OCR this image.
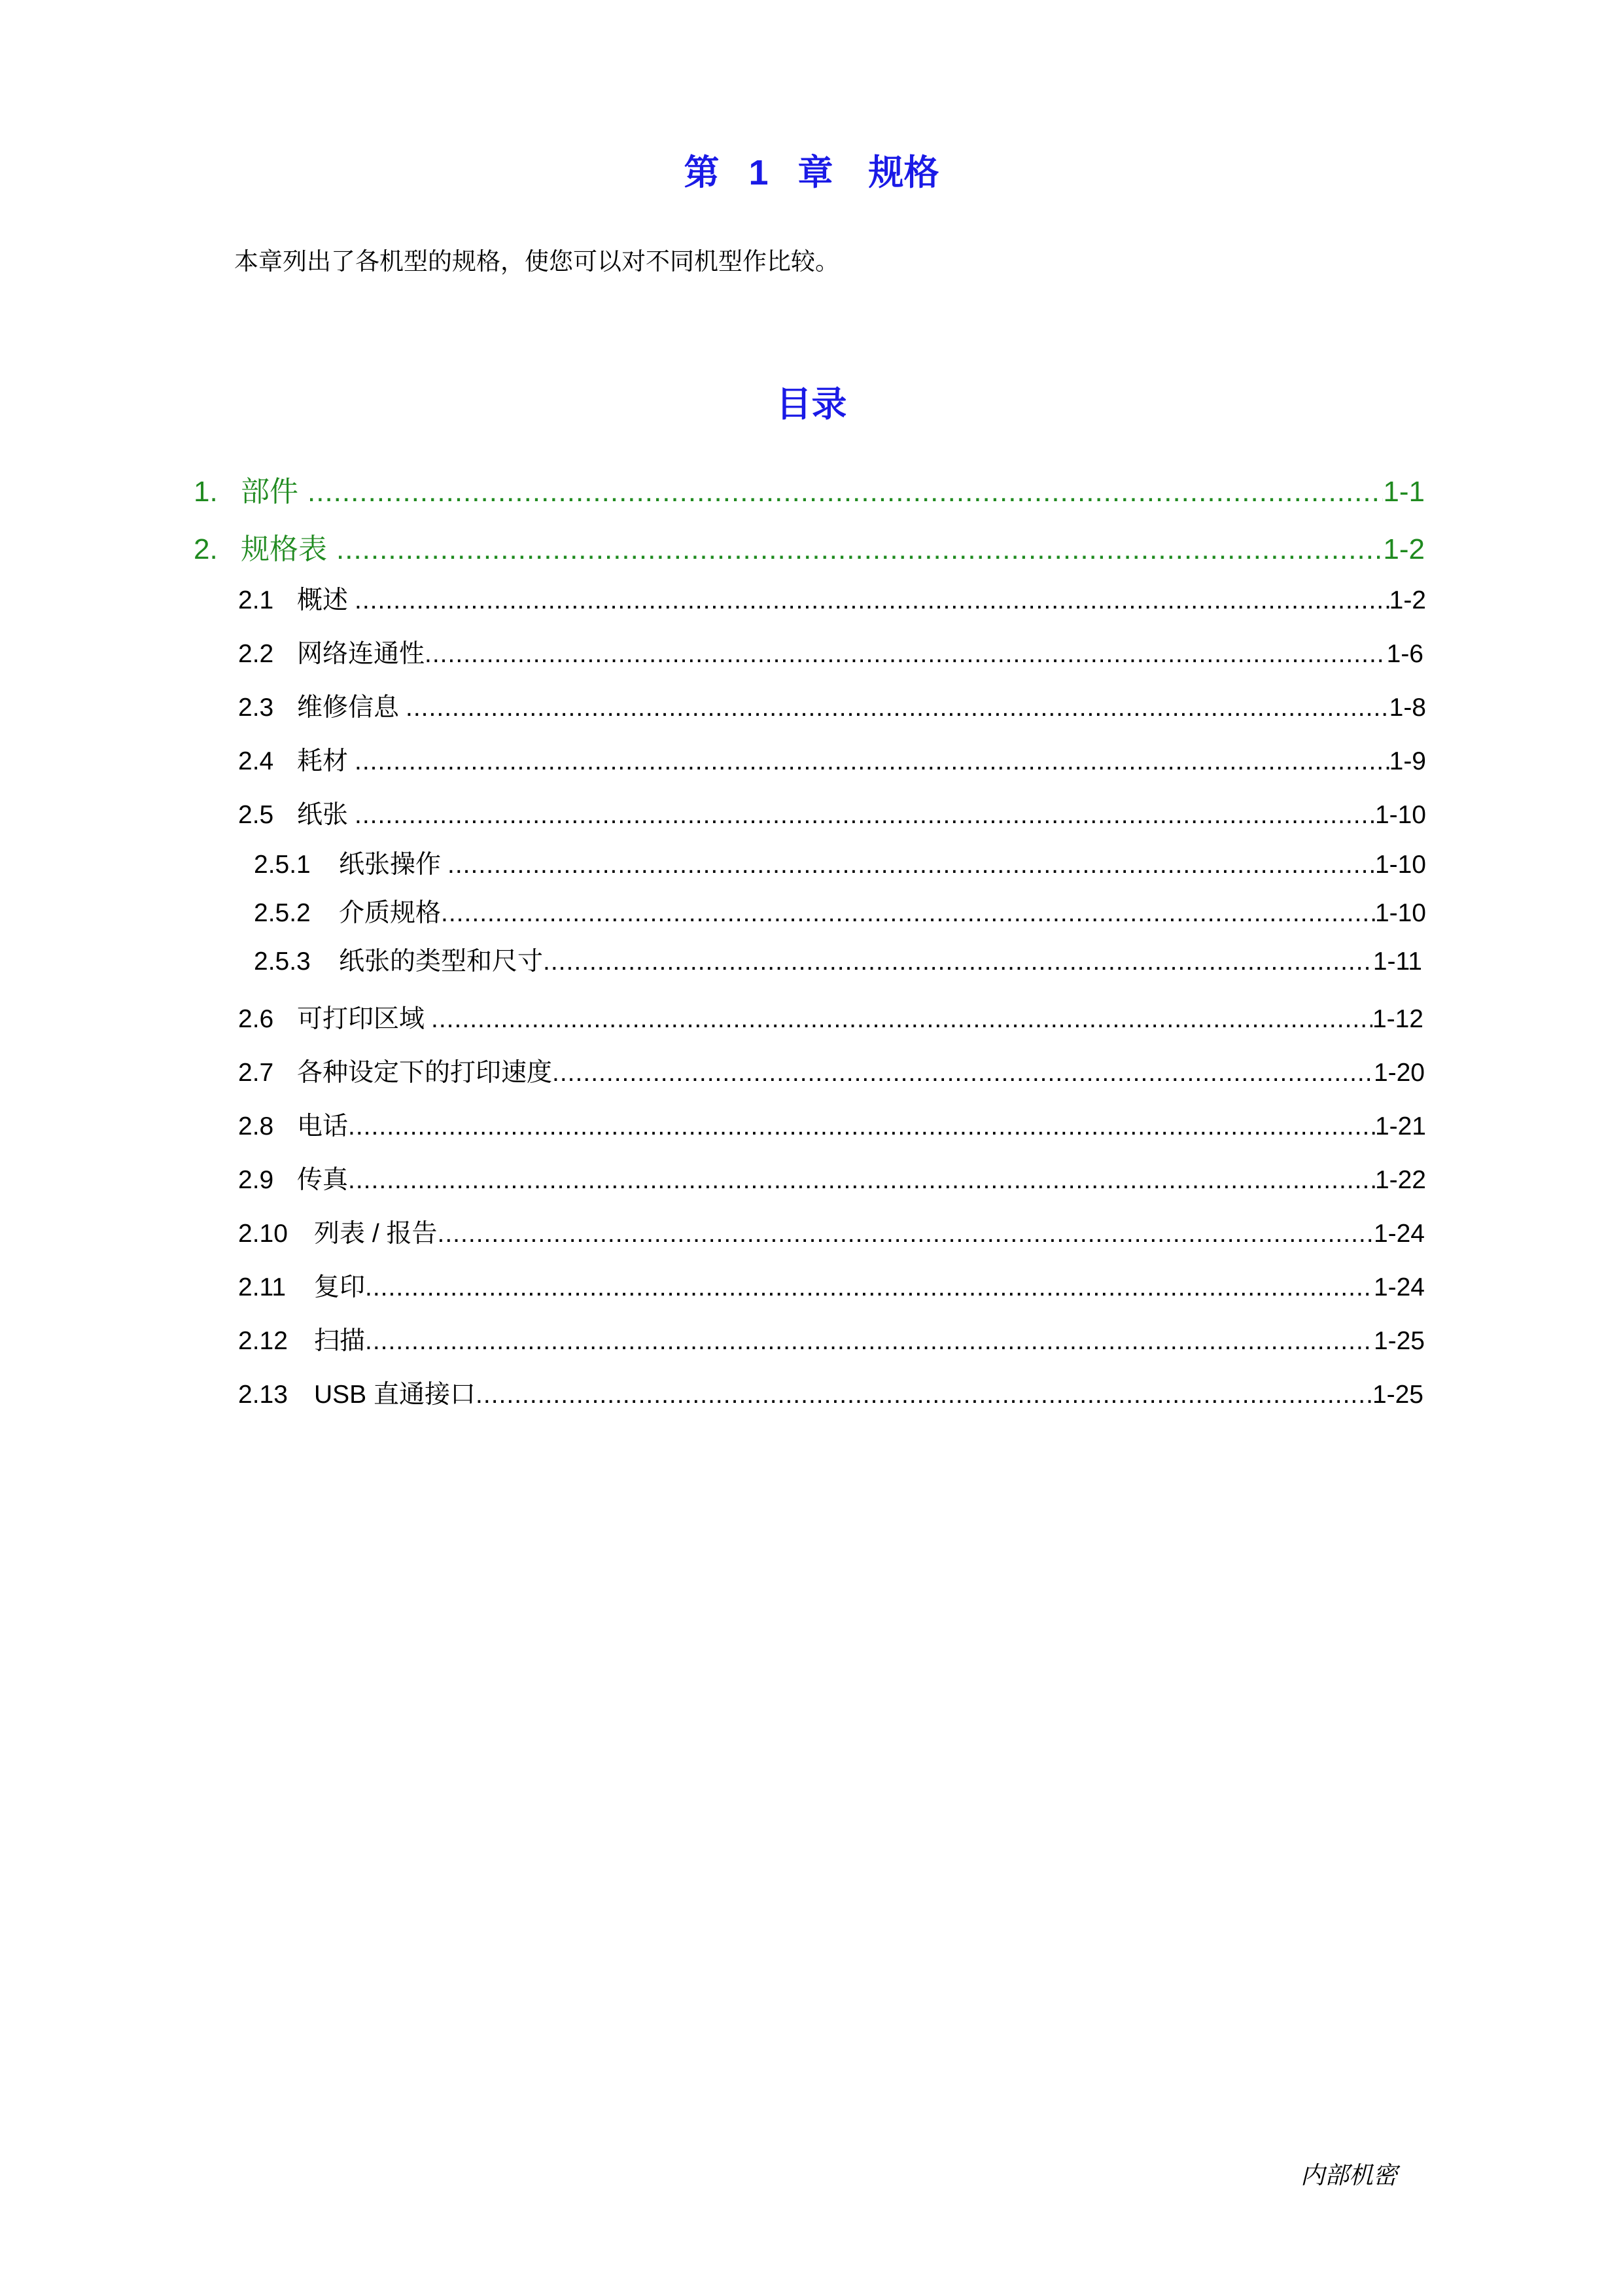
第 1 章　规格
本章列出了各机型的规格，使您可以对不同机型作比较。
目录
1. 部件 .....	1-1
2. 规格表 .....	1-2
2.1 概述 .....	1-2
2.2 网络连通性 .....	1-6
2.3 维修信息 .....	1-8
2.4 耗材 .....	1-9
2.5 纸张 .....	1-10
2.5.1	纸张操作 .....	1-10
2.5.2	介质规格 .....	1-10
2.5.3	纸张的类型和尺寸 .....	1-11
2.6 可打印区域 .....	1-12
2.7 各种设定下的打印速度 .....	1-20
2.8 电话 .....	1-21
2.9 传真 .....	1-22
2.10	列表 / 报告 .....	1-24
2.11	复印 .....	1-24
2.12	扫描 .....	1-25
2.13	USB 直通接口 .....	1-25
内部机密
